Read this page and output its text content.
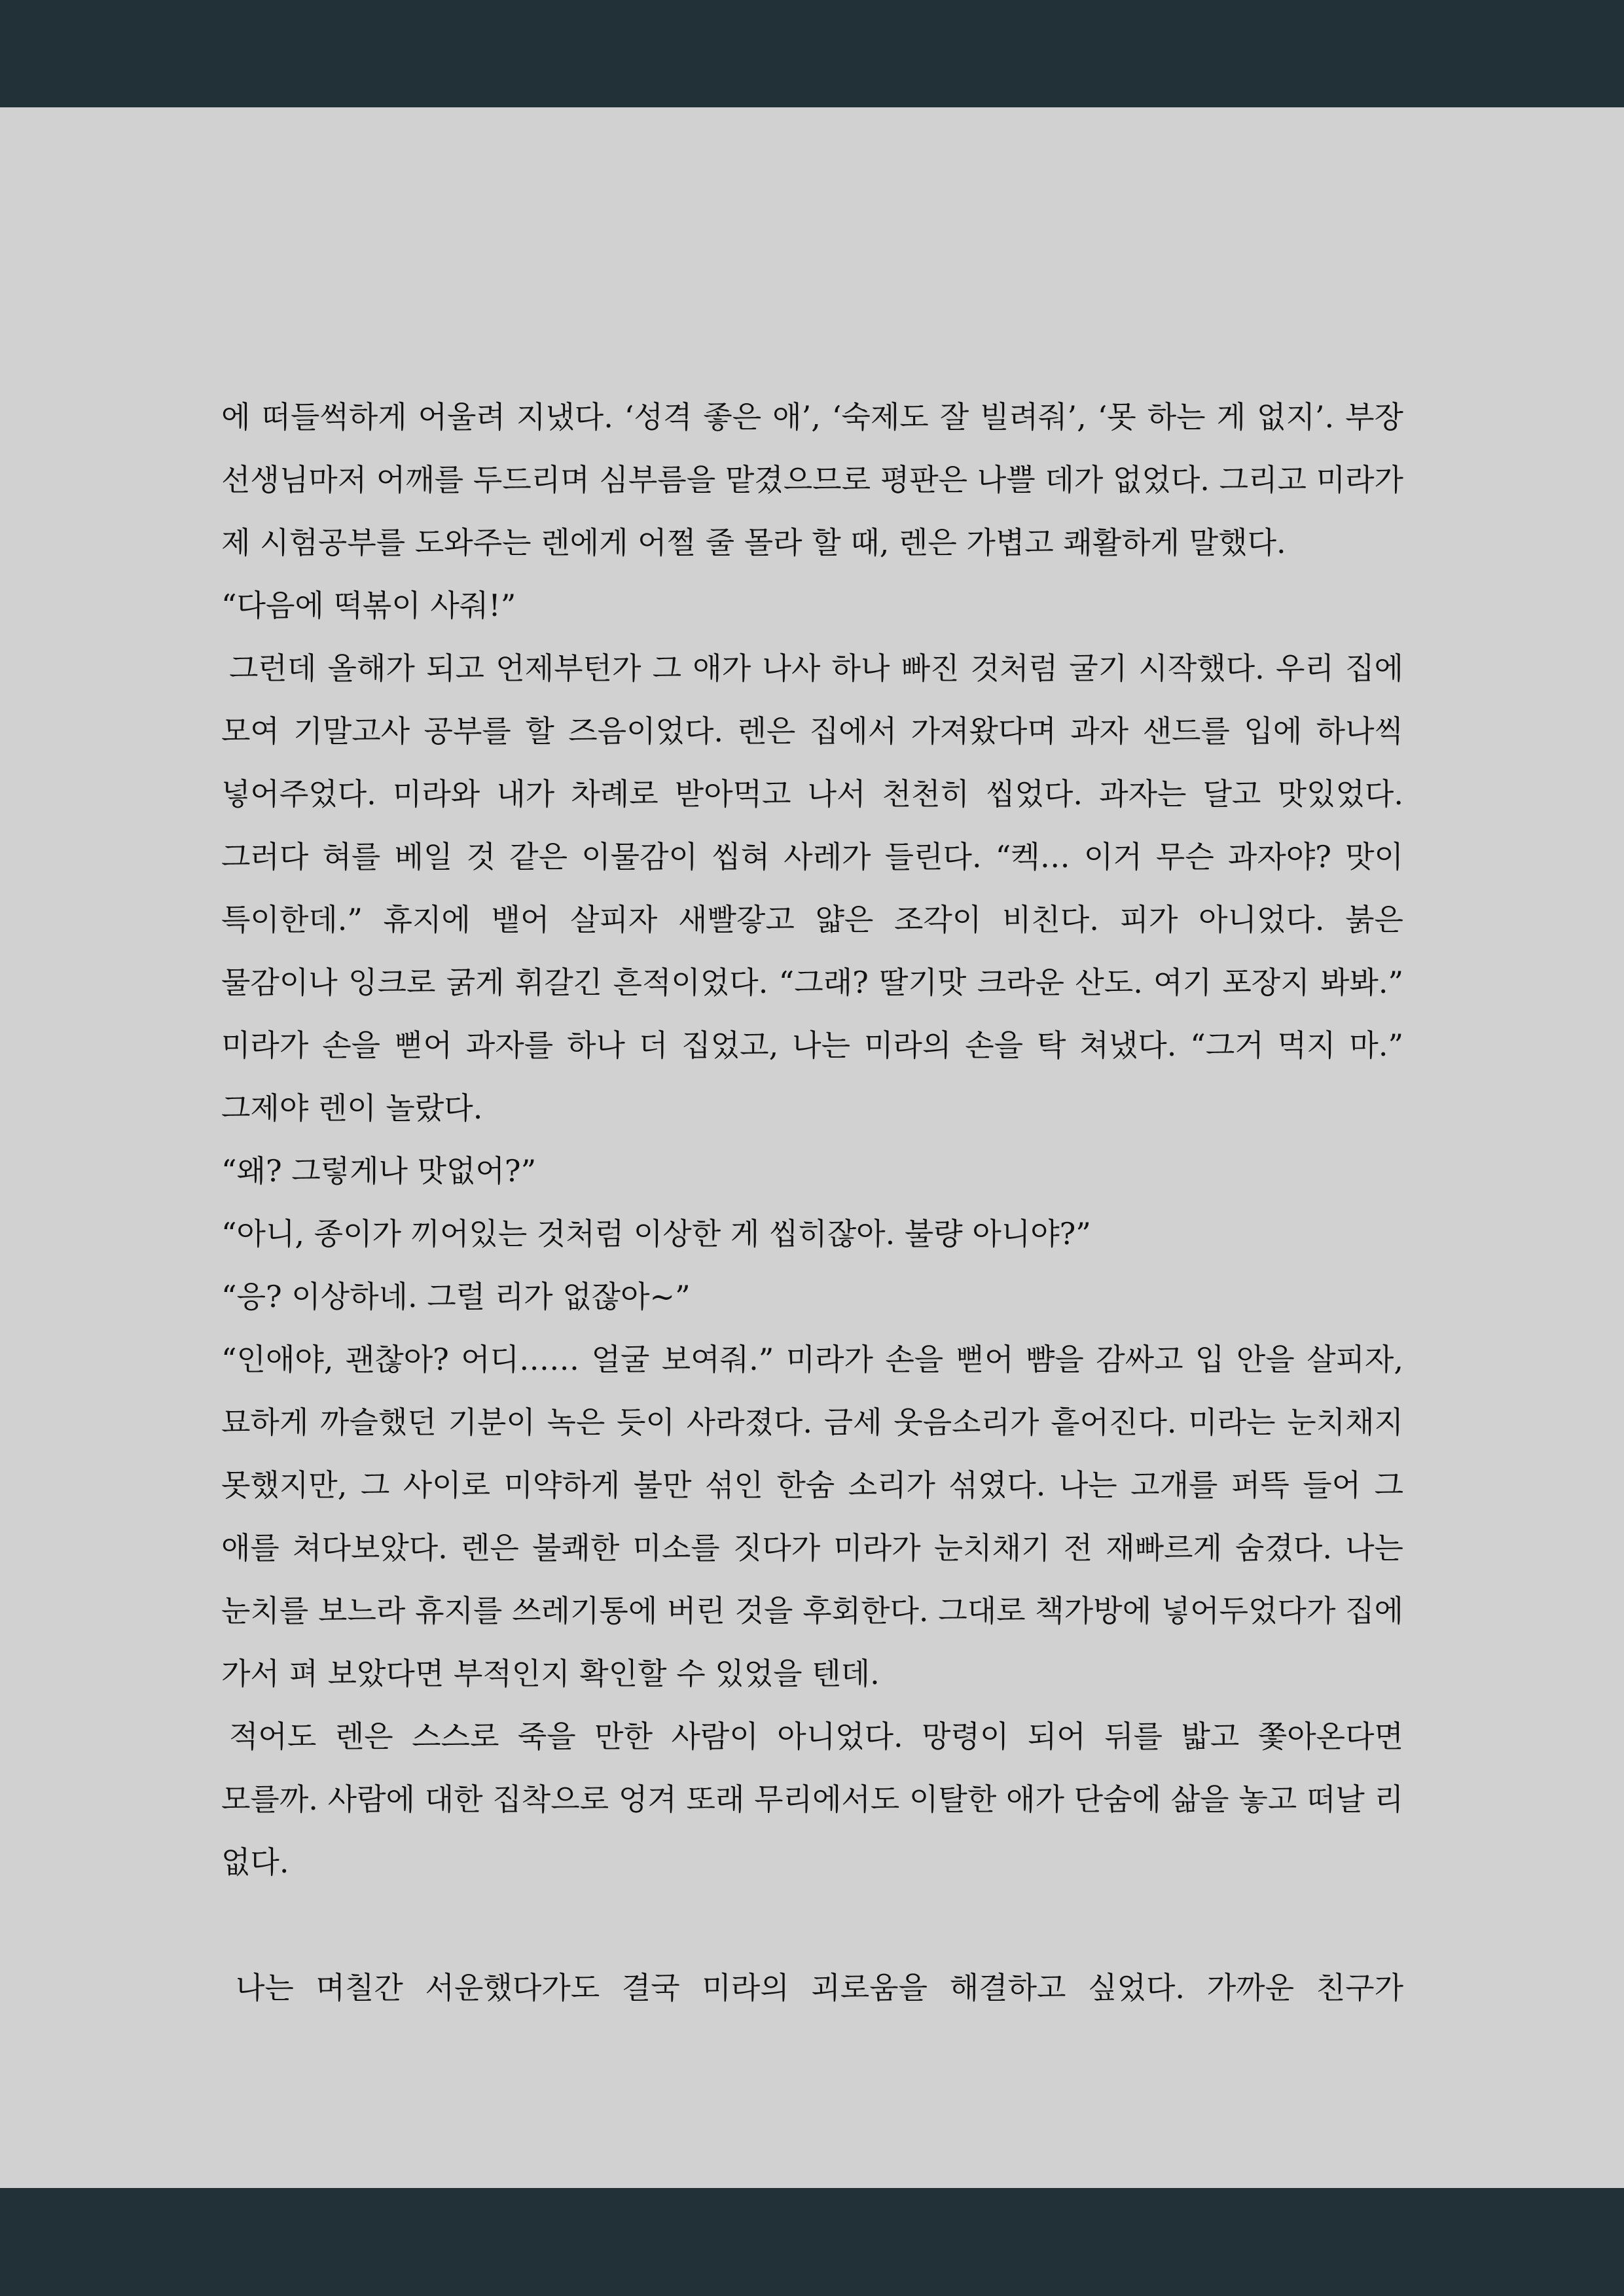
에 떠들썩하게 어울려 지냈다. ‘성격 좋은 애’, ‘숙제도 잘 빌려줘’, ‘못 하는 게 없지’. 부장 선생님마저 어깨를 두드리며 심부름을 맡겼으므로 평판은 나쁠 데가 없었다. 그리고 미라가 제 시험공부를 도와주는 렌에게 어쩔 줄 몰라 할 때, 렌은 가볍고 쾌활하게 말했다.

“다음에 떡볶이 사줘!”

그런데 올해가 되고 언제부턴가 그 애가 나사 하나 빠진 것처럼 굴기 시작했다. 우리 집에 모여 기말고사 공부를 할 즈음이었다. 렌은 집에서 가져왔다며 과자 샌드를 입에 하나씩 넣어주었다. 미라와 내가 차례로 받아먹고 나서 천천히 씹었다. 과자는 달고 맛있었다. 그러다 혀를 베일 것 같은 이물감이 씹혀 사레가 들린다. “켁… 이거 무슨 과자야? 맛이 특이한데.” 휴지에 뱉어 살피자 새빨갛고 얇은 조각이 비친다. 피가 아니었다. 붉은 물감이나 잉크로 굵게 휘갈긴 흔적이었다. “그래? 딸기맛 크라운 산도. 여기 포장지 봐봐.” 미라가 손을 뻗어 과자를 하나 더 집었고, 나는 미라의 손을 탁 쳐냈다. “그거 먹지 마.” 그제야 렌이 놀랐다.

“왜? 그렇게나 맛없어?”

“아니, 종이가 끼어있는 것처럼 이상한 게 씹히잖아. 불량 아니야?”

“응? 이상하네. 그럴 리가 없잖아~”

“인애야, 괜찮아? 어디…… 얼굴 보여줘.” 미라가 손을 뻗어 뺨을 감싸고 입 안을 살피자, 묘하게 까슬했던 기분이 녹은 듯이 사라졌다. 금세 웃음소리가 흩어진다. 미라는 눈치채지 못했지만, 그 사이로 미약하게 불만 섞인 한숨 소리가 섞였다. 나는 고개를 퍼뜩 들어 그 애를 쳐다보았다. 렌은 불쾌한 미소를 짓다가 미라가 눈치채기 전 재빠르게 숨겼다. 나는 눈치를 보느라 휴지를 쓰레기통에 버린 것을 후회한다. 그대로 책가방에 넣어두었다가 집에 가서 펴 보았다면 부적인지 확인할 수 있었을 텐데.

적어도 렌은 스스로 죽을 만한 사람이 아니었다. 망령이 되어 뒤를 밟고 쫓아온다면 모를까. 사람에 대한 집착으로 엉겨 또래 무리에서도 이탈한 애가 단숨에 삶을 놓고 떠날 리 없다.

나는 며칠간 서운했다가도 결국 미라의 괴로움을 해결하고 싶었다. 가까운 친구가
